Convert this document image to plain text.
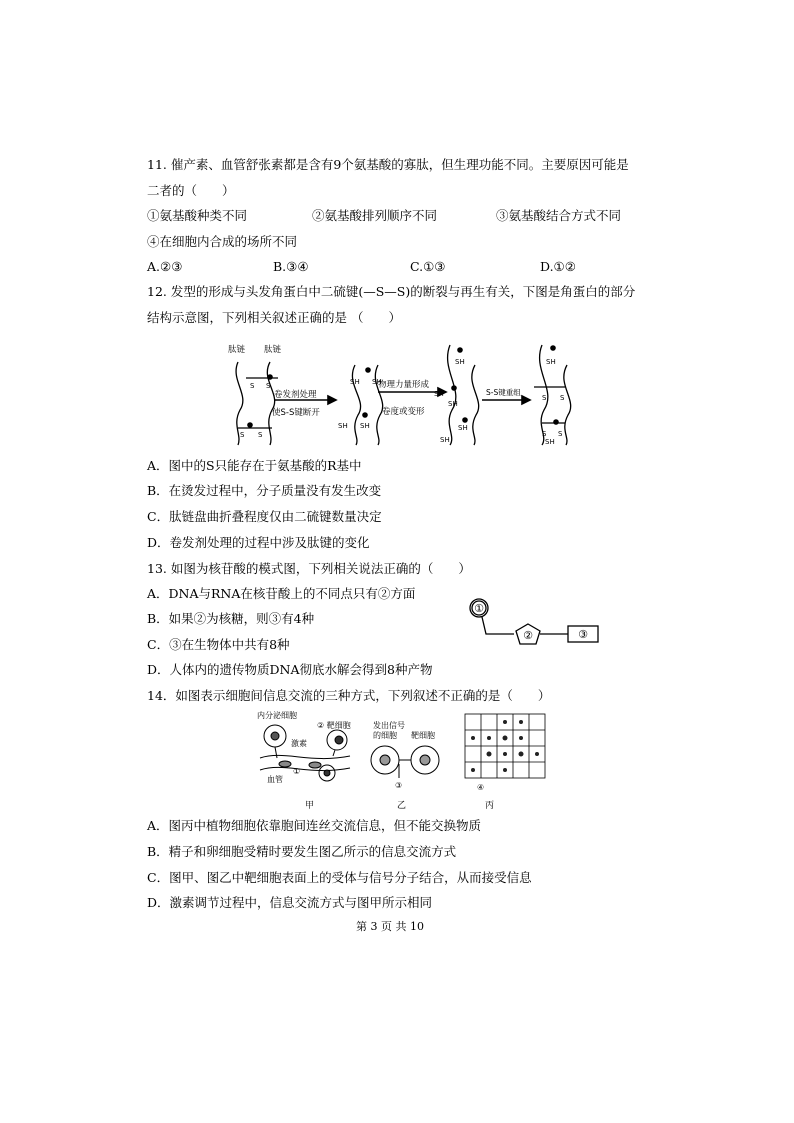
11. 催产素、血管舒张素都是含有9个氨基酸的寡肽，但生理功能不同。主要原因可能是
二者的（　　）
①氨基酸种类不同	②氨基酸排列顺序不同	③氨基酸结合方式不同
④在细胞内合成的场所不同
A.②③	B.③④	C.①③	D.①②
12. 发型的形成与头发角蛋白中二硫键(—S—S)的断裂与再生有关，下图是角蛋白的部分
结构示意图，下列相关叙述正确的是 （　　）
肽链 肽链
S S
S S
卷发剂处理
使S-S键断开
SH SH
SH SH
物理力量形成
卷度或变形
SH
SH
SH
SH
SH
S-S键重组
SH
S S
S S
SH
A．图中的S只能存在于氨基酸的R基中
B．在烫发过程中，分子质量没有发生改变
C．肽链盘曲折叠程度仅由二硫键数量决定
D．卷发剂处理的过程中涉及肽键的变化
13. 如图为核苷酸的模式图，下列相关说法正确的（　　）
A．DNA与RNA在核苷酸上的不同点只有②方面
B．如果②为核糖，则③有4种
C．③在生物体中共有8种
D．人体内的遗传物质DNA彻底水解会得到8种产物
①
②	③
14．如图表示细胞间信息交流的三种方式，下列叙述不正确的是（　　）
内分泌细胞
② 靶细胞
激素
血管
①
甲
发出信号
的细胞 靶细胞
③
乙
④
丙
A．图丙中植物细胞依靠胞间连丝交流信息，但不能交换物质
B．精子和卵细胞受精时要发生图乙所示的信息交流方式
C．图甲、图乙中靶细胞表面上的受体与信号分子结合，从而接受信息
D．激素调节过程中，信息交流方式与图甲所示相同
第 3 页 共 10
